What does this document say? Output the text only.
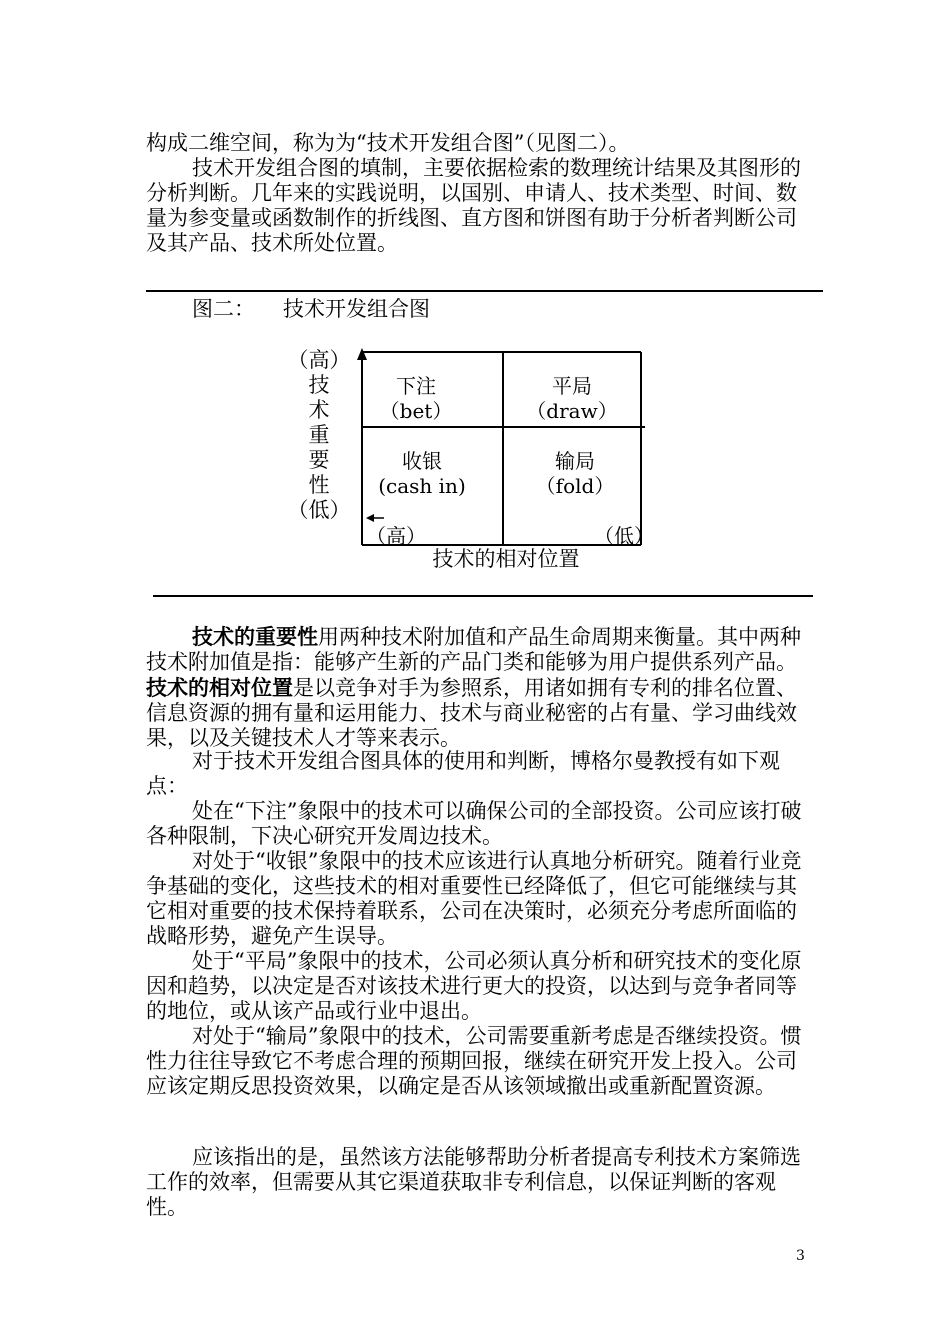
构成二维空间，称为为“技术开发组合图”（见图二）。

技术开发组合图的填制，主要依据检索的数理统计结果及其图形的分析判断。几年来的实践说明，以国别、申请人、技术类型、时间、数量为参变量或函数制作的折线图、直方图和饼图有助于分析者判断公司及其产品、技术所处位置。

图二： 技术开发组合图
（高）
技
术
重
要
性
（低）
下注
（bet）
平局
（draw）
收银
(cash in)
输局
（fold）
（高）	（低）
技术的相对位置

技术的重要性用两种技术附加值和产品生命周期来衡量。其中两种技术附加值是指：能够产生新的产品门类和能够为用户提供系列产品。技术的相对位置是以竞争对手为参照系，用诸如拥有专利的排名位置、信息资源的拥有量和运用能力、技术与商业秘密的占有量、学习曲线效果，以及关键技术人才等来表示。

对于技术开发组合图具体的使用和判断，博格尔曼教授有如下观点：

处在“下注”象限中的技术可以确保公司的全部投资。公司应该打破各种限制，下决心研究开发周边技术。

对处于“收银”象限中的技术应该进行认真地分析研究。随着行业竞争基础的变化，这些技术的相对重要性已经降低了，但它可能继续与其它相对重要的技术保持着联系，公司在决策时，必须充分考虑所面临的战略形势，避免产生误导。

处于“平局”象限中的技术，公司必须认真分析和研究技术的变化原因和趋势，以决定是否对该技术进行更大的投资，以达到与竞争者同等的地位，或从该产品或行业中退出。

对处于“输局”象限中的技术，公司需要重新考虑是否继续投资。惯性力往往导致它不考虑合理的预期回报，继续在研究开发上投入。公司应该定期反思投资效果，以确定是否从该领域撤出或重新配置资源。

应该指出的是，虽然该方法能够帮助分析者提高专利技术方案筛选工作的效率，但需要从其它渠道获取非专利信息，以保证判断的客观性。

3
